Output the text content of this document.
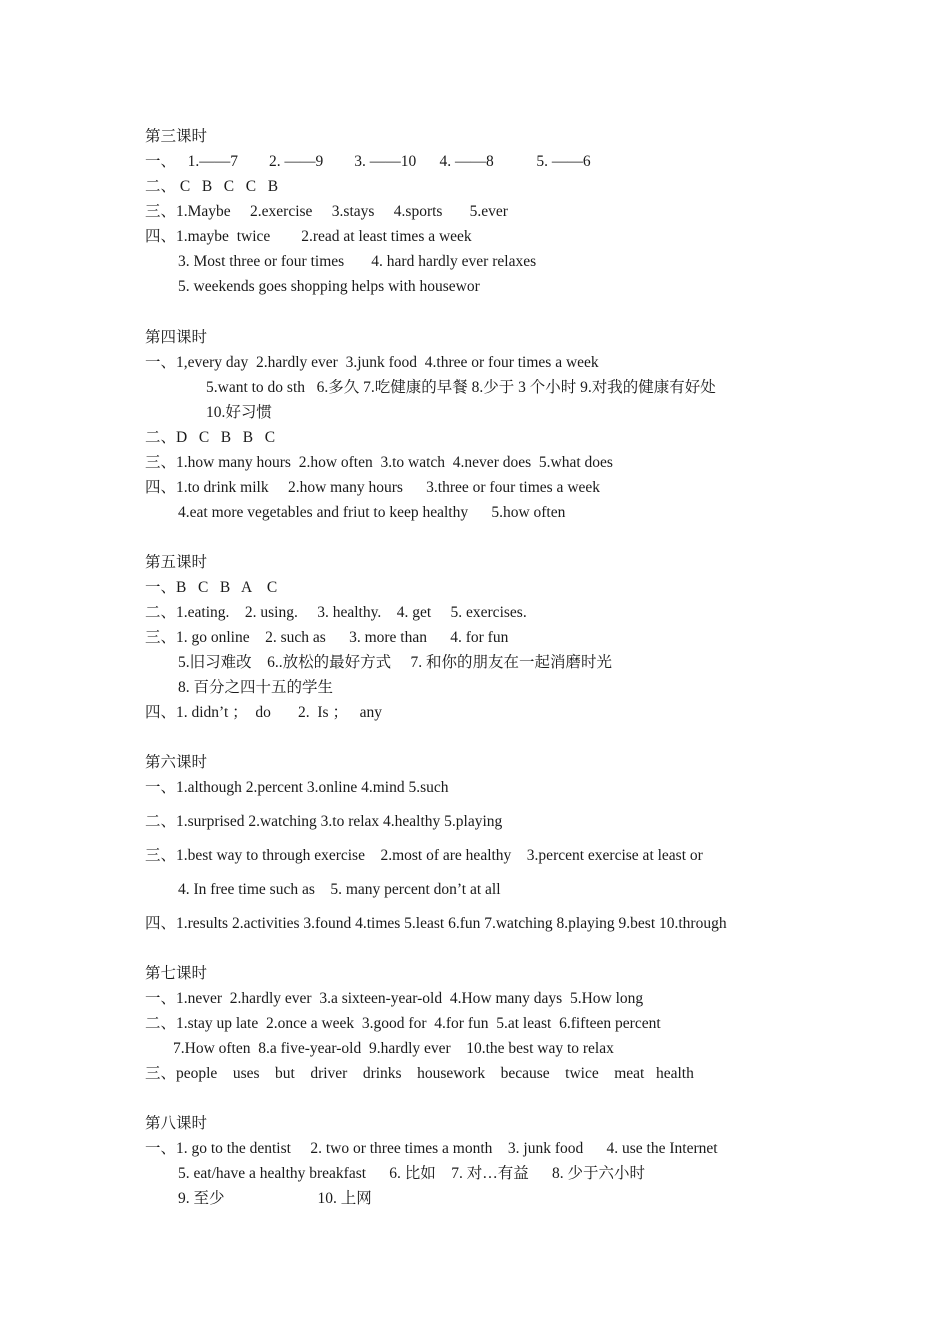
第三课时
一、   1.——7        2. ——9        3. ——10      4. ——8           5. ——6
二、 C   B   C   C   B
三、1.Maybe     2.exercise     3.stays     4.sports       5.ever
四、1.maybe  twice        2.read at least times a week
3. Most three or four times       4. hard hardly ever relaxes
5. weekends goes shopping helps with housewor
第四课时
一、1,every day  2.hardly ever  3.junk food  4.three or four times a week
5.want to do sth   6.多久 7.吃健康的早餐 8.少于 3 个小时 9.对我的健康有好处
10.好习惯
二、D   C   B   B   C
三、1.how many hours  2.how often  3.to watch  4.never does  5.what does
四、1.to drink milk     2.how many hours      3.three or four times a week
4.eat more vegetables and friut to keep healthy      5.how often
第五课时
一、B   C   B   A    C
二、1.eating.    2. using.     3. healthy.    4. get     5. exercises.
三、1. go online    2. such as      3. more than      4. for fun
5.旧习难改    6..放松的最好方式     7. 和你的朋友在一起消磨时光
8. 百分之四十五的学生
四、1. didn’t ；  do       2.  Is ；   any
第六课时
一、1.although 2.percent 3.online 4.mind 5.such
二、1.surprised 2.watching 3.to relax 4.healthy 5.playing
三、1.best way to through exercise    2.most of are healthy    3.percent exercise at least or
4. In free time such as    5. many percent don’t at all
四、1.results 2.activities 3.found 4.times 5.least 6.fun 7.watching 8.playing 9.best 10.through
第七课时
一、1.never  2.hardly ever  3.a sixteen-year-old  4.How many days  5.How long
二、1.stay up late  2.once a week  3.good for  4.for fun  5.at least  6.fifteen percent
7.How often  8.a five-year-old  9.hardly ever    10.the best way to relax
三、people    uses    but    driver    drinks    housework    because    twice    meat   health
第八课时
一、1. go to the dentist     2. two or three times a month    3. junk food      4. use the Internet
5. eat/have a healthy breakfast      6. 比如    7. 对…有益      8. 少于六小时
9. 至少                        10. 上网
